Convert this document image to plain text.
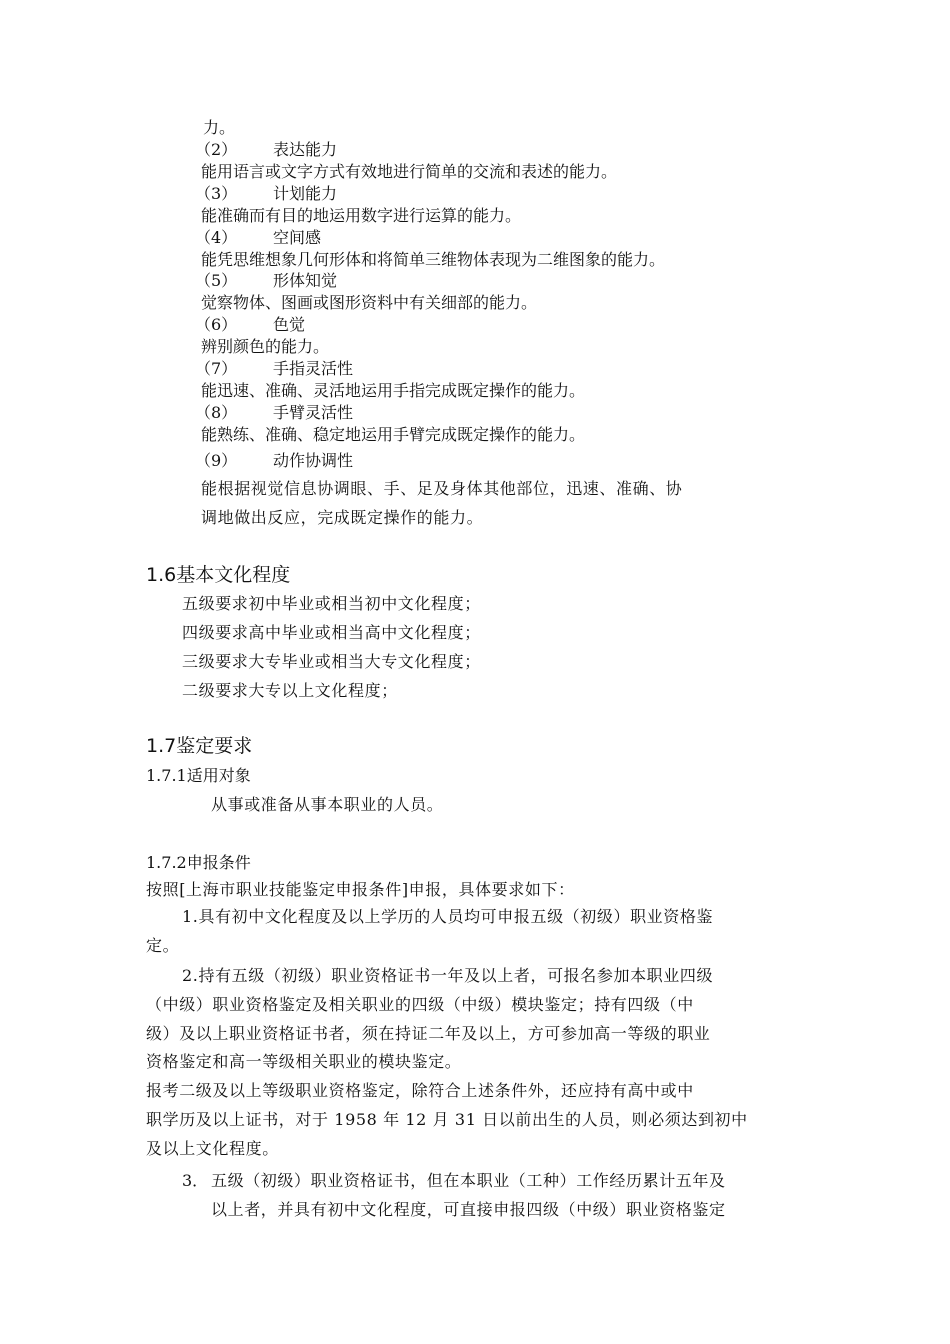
力。
（2） 表达能力
能用语言或文字方式有效地进行简单的交流和表述的能力。
（3） 计划能力
能准确而有目的地运用数字进行运算的能力。
（4） 空间感
能凭思维想象几何形体和将简单三维物体表现为二维图象的能力。
（5） 形体知觉
觉察物体、图画或图形资料中有关细部的能力。
（6） 色觉
辨别颜色的能力。
（7） 手指灵活性
能迅速、准确、灵活地运用手指完成既定操作的能力。
（8） 手臂灵活性
能熟练、准确、稳定地运用手臂完成既定操作的能力。
（9） 动作协调性
能根据视觉信息协调眼、手、足及身体其他部位，迅速、准确、协
调地做出反应，完成既定操作的能力。
1.6基本文化程度
五级要求初中毕业或相当初中文化程度；
四级要求高中毕业或相当高中文化程度；
三级要求大专毕业或相当大专文化程度；
二级要求大专以上文化程度；
1.7鉴定要求
1.7.1适用对象
从事或准备从事本职业的人员。
1.7.2申报条件
按照[上海市职业技能鉴定申报条件]申报，具体要求如下：
1.具有初中文化程度及以上学历的人员均可申报五级（初级）职业资格鉴
定。
2.持有五级（初级）职业资格证书一年及以上者，可报名参加本职业四级
（中级）职业资格鉴定及相关职业的四级（中级）模块鉴定；持有四级（中
级）及以上职业资格证书者，须在持证二年及以上，方可参加高一等级的职业
资格鉴定和高一等级相关职业的模块鉴定。
报考二级及以上等级职业资格鉴定，除符合上述条件外，还应持有高中或中
职学历及以上证书，对于 1958 年 12 月 31 日以前出生的人员，则必须达到初中
及以上文化程度。
3． 五级（初级）职业资格证书，但在本职业（工种）工作经历累计五年及
以上者，并具有初中文化程度，可直接申报四级（中级）职业资格鉴定
